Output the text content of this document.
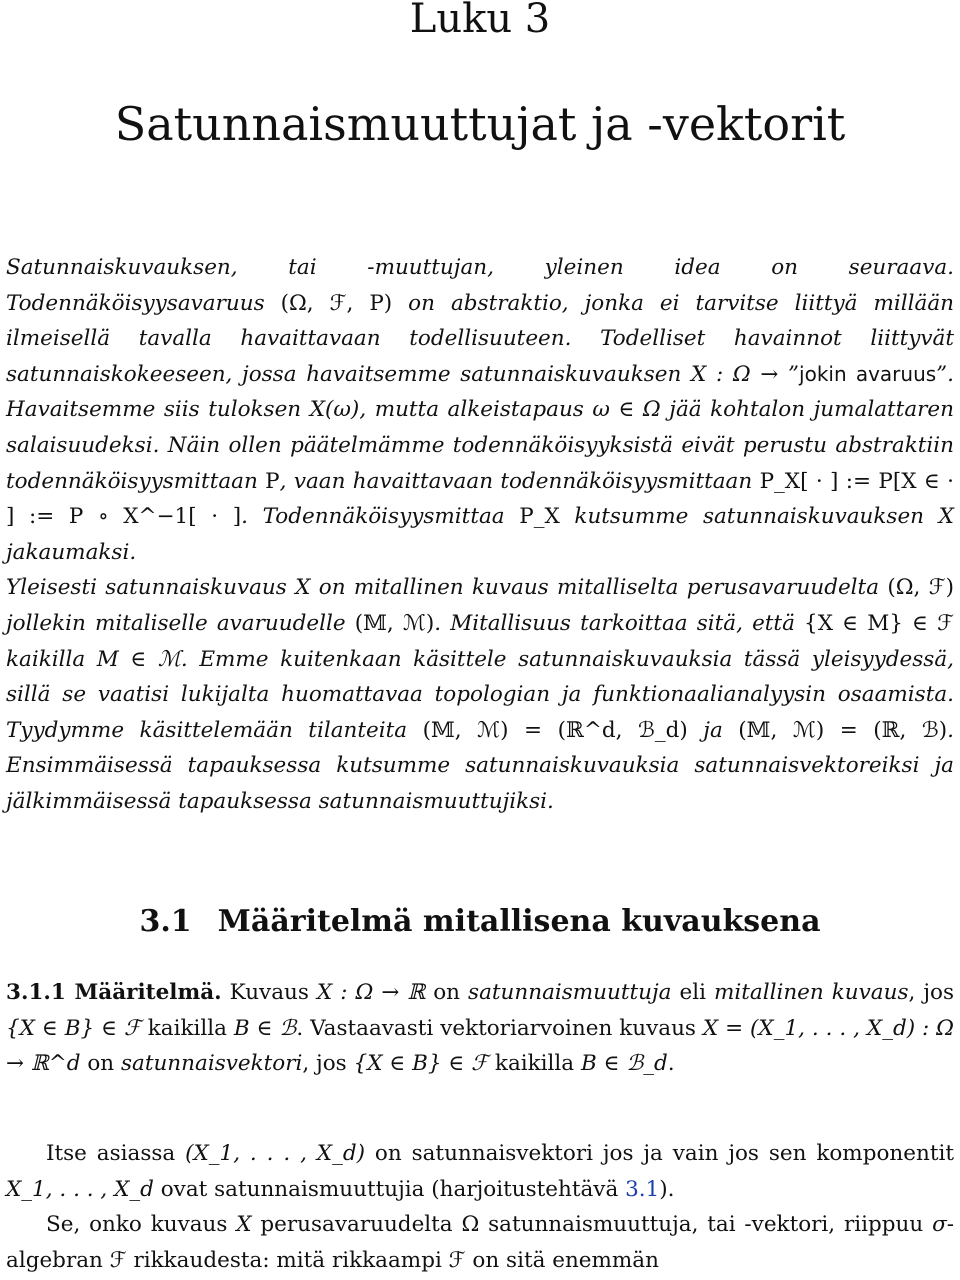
Luku 3
Satunnaismuuttujat ja -vektorit

Satunnaiskuvauksen, tai -muuttujan, yleinen idea on seuraava. Todennäköisyysavaruus (Ω, ℱ, P) on abstraktio, jonka ei tarvitse liittyä millään ilmeisellä tavalla havaittavaan todellisuuteen. Todelliset havainnot liittyvät satunnaiskokeeseen, jossa havaitsemme satunnaiskuvauksen X : Ω → ”jokin avaruus”. Havaitsemme siis tuloksen X(ω), mutta alkeistapaus ω ∈ Ω jää kohtalon jumalattaren salaisuudeksi. Näin ollen päätelmämme todennäköisyyksistä eivät perustu abstraktiin todennäköisyysmittaan P, vaan havaittavaan todennäköisyysmittaan P_X[ · ] := P[X ∈ · ] := P ∘ X^−1[ · ]. Todennäköisyysmittaa P_X kutsumme satunnaiskuvauksen X jakaumaksi.

Yleisesti satunnaiskuvaus X on mitallinen kuvaus mitalliselta perusavaruudelta (Ω, ℱ) jollekin mitaliselle avaruudelle (𝕄, ℳ). Mitallisuus tarkoittaa sitä, että {X ∈ M} ∈ ℱ kaikilla M ∈ ℳ. Emme kuitenkaan käsittele satunnaiskuvauksia tässä yleisyydessä, sillä se vaatisi lukijalta huomattavaa topologian ja funktionaalianalyysin osaamista. Tyydymme käsittelemään tilanteita (𝕄, ℳ) = (ℝ^d, ℬ_d) ja (𝕄, ℳ) = (ℝ, ℬ). Ensimmäisessä tapauksessa kutsumme satunnaiskuvauksia satunnaisvektoreiksi ja jälkimmäisessä tapauksessa satunnaismuuttujiksi.

3.1 Määritelmä mitallisena kuvauksena

3.1.1 Määritelmä. Kuvaus X : Ω → ℝ on satunnaismuuttuja eli mitallinen kuvaus, jos {X ∈ B} ∈ ℱ kaikilla B ∈ ℬ. Vastaavasti vektoriarvoinen kuvaus X = (X_1, . . . , X_d) : Ω → ℝ^d on satunnaisvektori, jos {X ∈ B} ∈ ℱ kaikilla B ∈ ℬ_d.

Itse asiassa (X_1, . . . , X_d) on satunnaisvektori jos ja vain jos sen komponentit X_1, . . . , X_d ovat satunnaismuuttujia (harjoitustehtävä 3.1).

Se, onko kuvaus X perusavaruudelta Ω satunnaismuuttuja, tai -vektori, riippuu σ-algebran ℱ rikkaudesta: mitä rikkaampi ℱ on sitä enemmän
